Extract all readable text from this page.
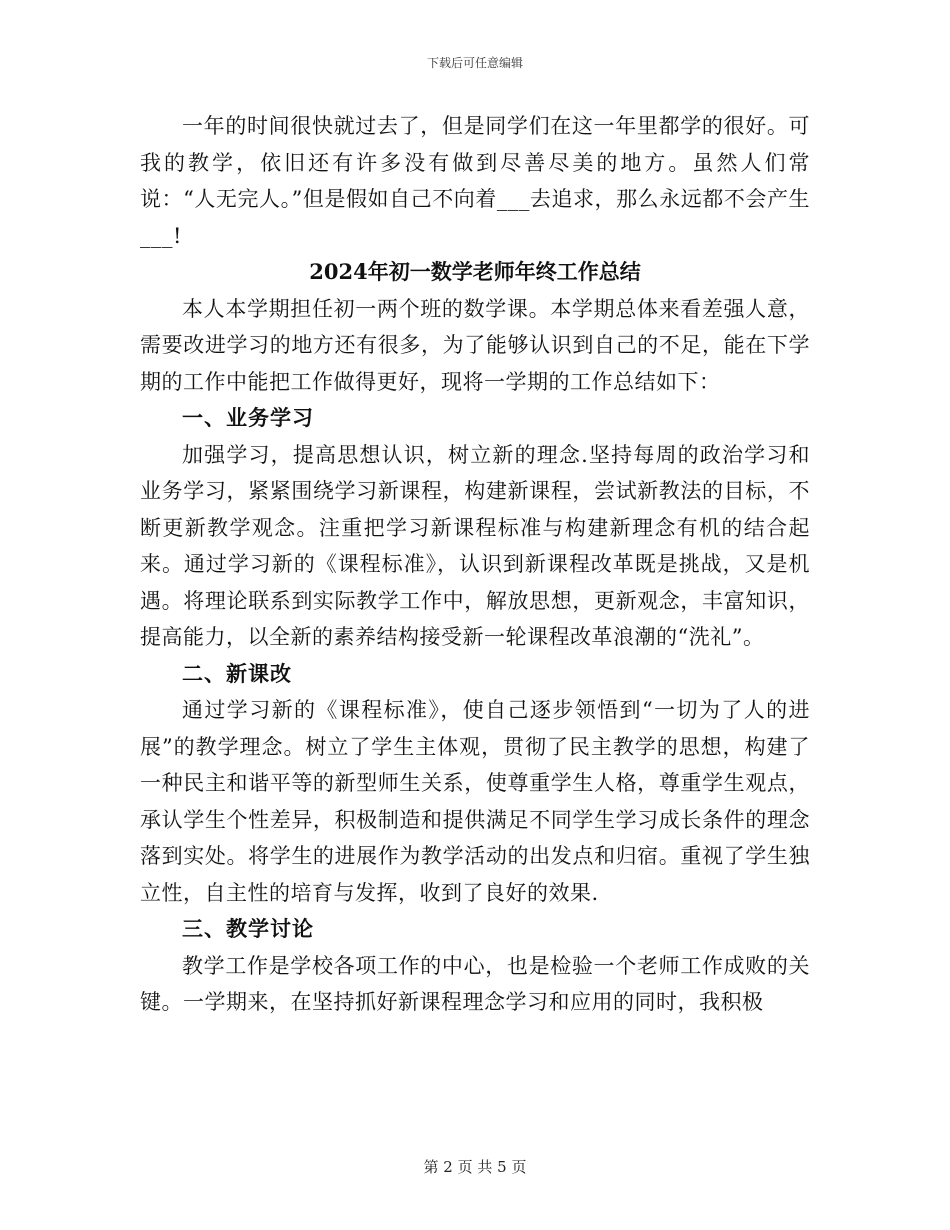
下载后可任意编辑

一年的时间很快就过去了，但是同学们在这一年里都学的很好。可我的教学，依旧还有许多没有做到尽善尽美的地方。虽然人们常说：“人无完人。”但是假如自己不向着___去追求，那么永远都不会产生___!

2024年初一数学老师年终工作总结

本人本学期担任初一两个班的数学课。本学期总体来看差强人意，需要改进学习的地方还有很多，为了能够认识到自己的不足，能在下学期的工作中能把工作做得更好，现将一学期的工作总结如下：

一、业务学习

加强学习，提高思想认识，树立新的理念.坚持每周的政治学习和业务学习，紧紧围绕学习新课程，构建新课程，尝试新教法的目标，不断更新教学观念。注重把学习新课程标准与构建新理念有机的结合起来。通过学习新的《课程标准》，认识到新课程改革既是挑战，又是机遇。将理论联系到实际教学工作中，解放思想，更新观念，丰富知识，提高能力，以全新的素养结构接受新一轮课程改革浪潮的“洗礼”。

二、新课改

通过学习新的《课程标准》，使自己逐步领悟到“一切为了人的进展”的教学理念。树立了学生主体观，贯彻了民主教学的思想，构建了一种民主和谐平等的新型师生关系，使尊重学生人格，尊重学生观点，承认学生个性差异，积极制造和提供满足不同学生学习成长条件的理念落到实处。将学生的进展作为教学活动的出发点和归宿。重视了学生独立性，自主性的培育与发挥，收到了良好的效果.

三、教学讨论

教学工作是学校各项工作的中心，也是检验一个老师工作成败的关键。一学期来，在坚持抓好新课程理念学习和应用的同时，我积极

第 2 页 共 5 页
